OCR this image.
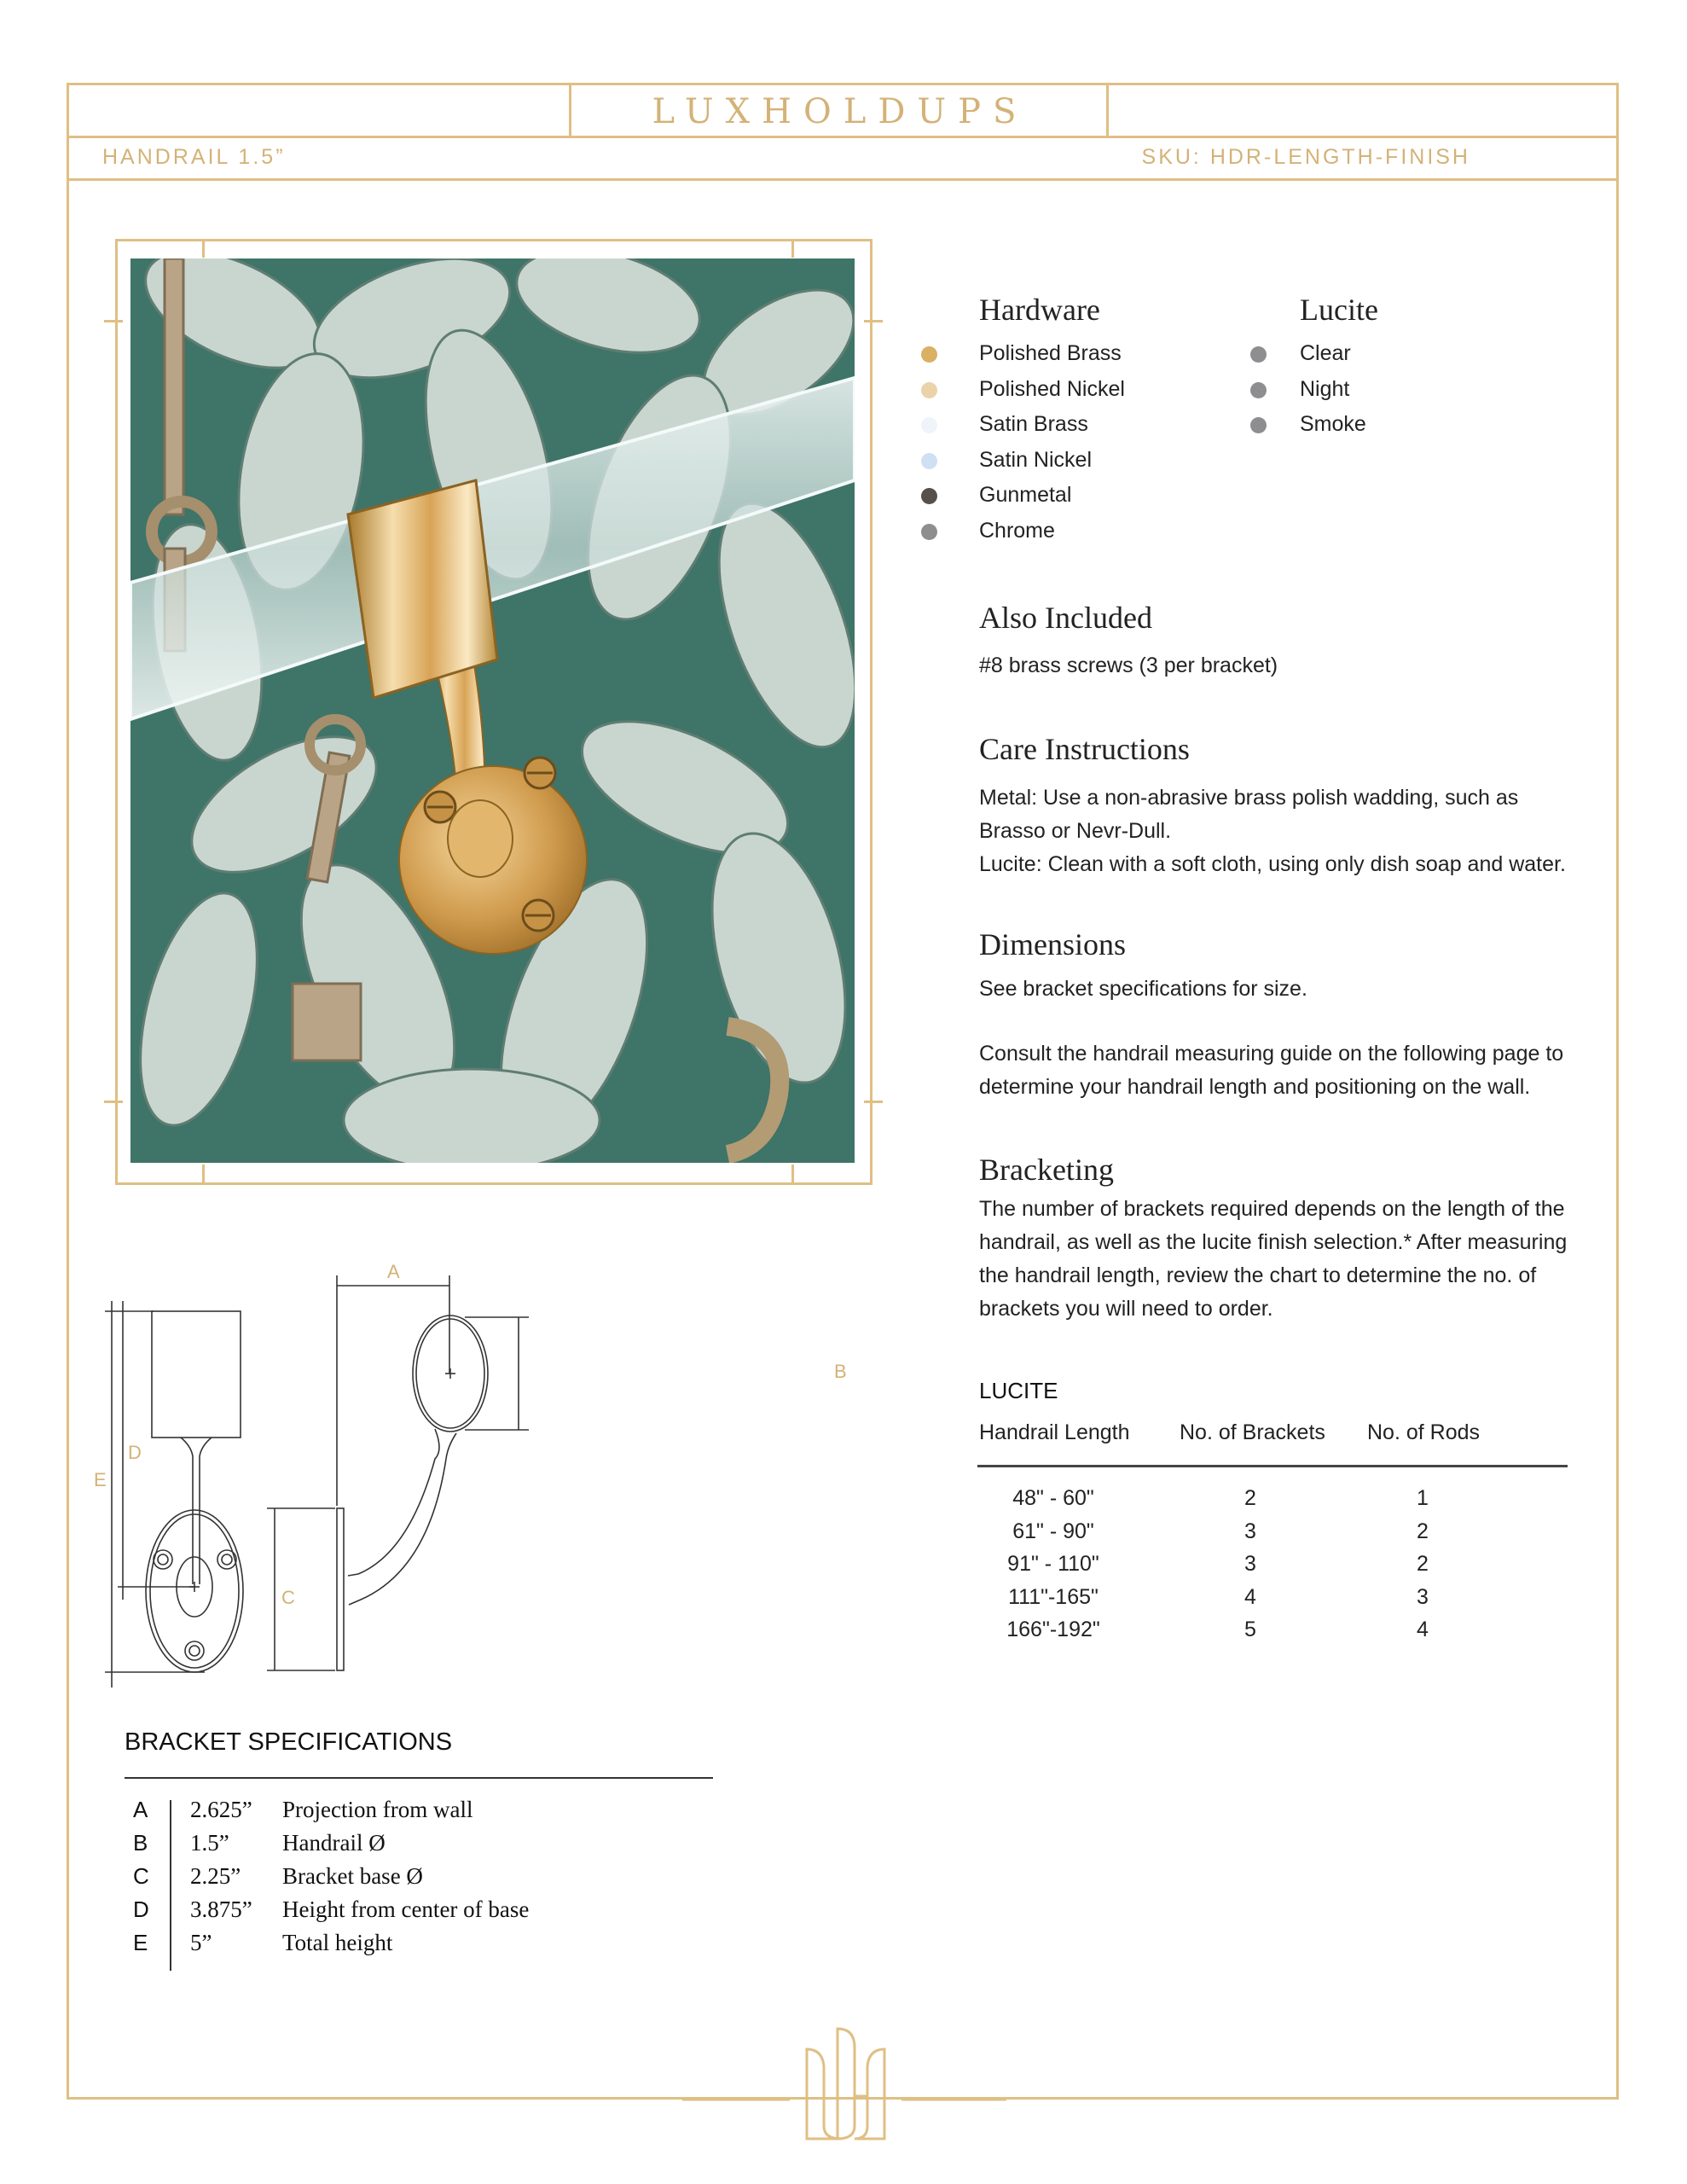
LUXHOLDUPS
HANDRAIL 1.5”	SKU: HDR-LENGTH-FINISH
Hardware	Lucite
Polished Brass
Polished Nickel
Satin Brass
Satin Nickel
Gunmetal
Chrome
Clear
Night
Smoke
Also Included
#8 brass screws (3 per bracket)
Care Instructions
Metal: Use a non-abrasive brass polish wadding, such as
Brasso or Nevr-Dull.
Lucite: Clean with a soft cloth, using only dish soap and water.
Dimensions
See bracket specifications for size.
Consult the handrail measuring guide on the following page to
determine your handrail length and positioning on the wall.
Bracketing
The number of brackets required depends on the length of the
handrail, as well as the lucite finish selection.* After measuring
the handrail length, review the chart to determine the no. of
brackets you will need to order.
LUCITE
Handrail Length No. of Brackets No. of Rods
48" - 60"	2	1
61" - 90"	3	2
91" - 110"	3	2
111"-165"	4	3
166"-192"	5	4
D
E
A
B
C
BRACKET SPECIFICATIONS
A 2.625” Projection from wall
B 1.5” Handrail Ø
C 2.25” Bracket base Ø
D 3.875” Height from center of base
E 5”	Total height
